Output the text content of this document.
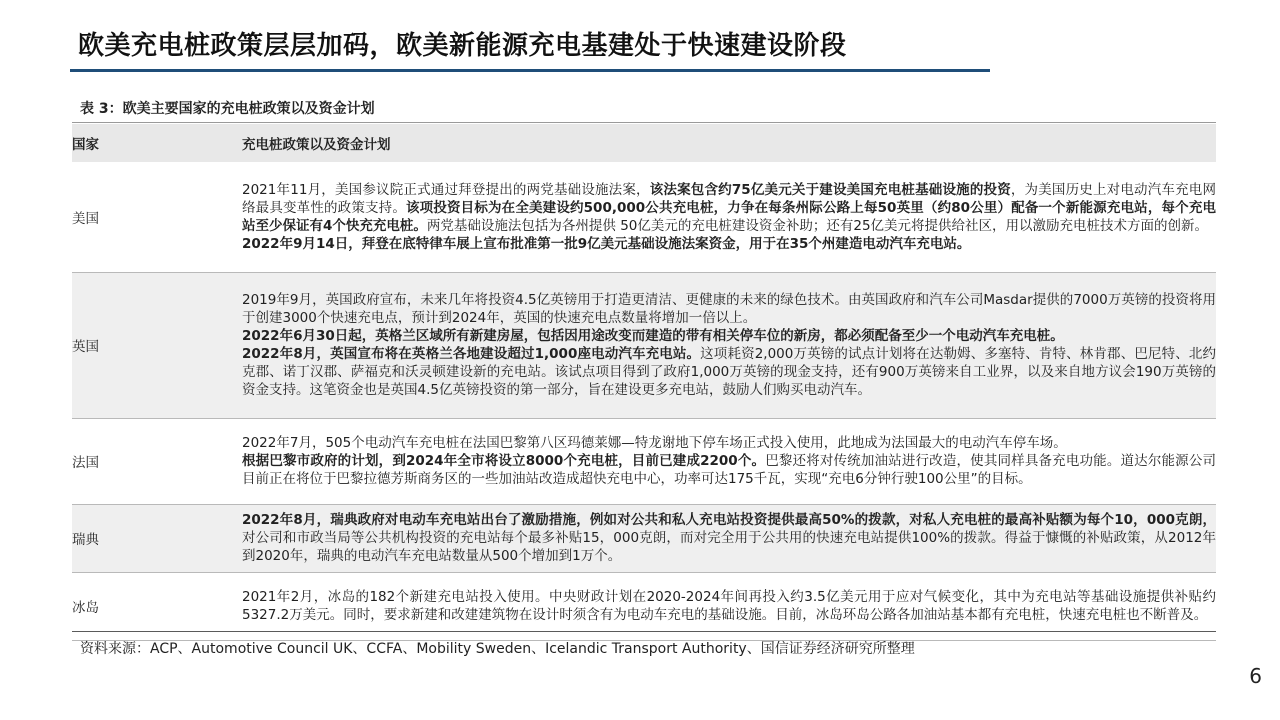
欧美充电桩政策层层加码，欧美新能源充电基建处于快速建设阶段
表 3：欧美主要国家的充电桩政策以及资金计划
国家	充电桩政策以及资金计划
美国	2021年11月，美国参议院正式通过拜登提出的两党基础设施法案，该法案包含约75亿美元关于建设美国充电桩基础设施的投资，为美国历史上对电动汽车充电网络最具变革性的政策支持。该项投资目标为在全美建设约500,000公共充电桩，力争在每条州际公路上每50英里（约80公里）配备一个新能源充电站，每个充电站至少保证有4个快充充电桩。两党基础设施法包括为各州提供 50亿美元的充电桩建设资金补助；还有25亿美元将提供给社区，用以激励充电桩技术方面的创新。
2022年9月14日，拜登在底特律车展上宣布批准第一批9亿美元基础设施法案资金，用于在35个州建造电动汽车充电站。
英国	2019年9月，英国政府宣布，未来几年将投资4.5亿英镑用于打造更清洁、更健康的未来的绿色技术。由英国政府和汽车公司Masdar提供的7000万英镑的投资将用于创建3000个快速充电点，预计到2024年，英国的快速充电点数量将增加一倍以上。
2022年6月30日起，英格兰区域所有新建房屋，包括因用途改变而建造的带有相关停车位的新房，都必须配备至少一个电动汽车充电桩。
2022年8月，英国宣布将在英格兰各地建设超过1,000座电动汽车充电站。这项耗资2,000万英镑的试点计划将在达勒姆、多塞特、肯特、林肯郡、巴尼特、北约克郡、诺丁汉郡、萨福克和沃灵顿建设新的充电站。该试点项目得到了政府1,000万英镑的现金支持，还有900万英镑来自工业界，以及来自地方议会190万英镑的资金支持。这笔资金也是英国4.5亿英镑投资的第一部分，旨在建设更多充电站，鼓励人们购买电动汽车。
法国	2022年7月，505个电动汽车充电桩在法国巴黎第八区玛德莱娜—特龙谢地下停车场正式投入使用，此地成为法国最大的电动汽车停车场。
根据巴黎市政府的计划，到2024年全市将设立8000个充电桩，目前已建成2200个。巴黎还将对传统加油站进行改造，使其同样具备充电功能。道达尔能源公司目前正在将位于巴黎拉德芳斯商务区的一些加油站改造成超快充电中心，功率可达175千瓦，实现“充电6分钟行驶100公里”的目标。
瑞典	2022年8月，瑞典政府对电动车充电站出台了激励措施，例如对公共和私人充电站投资提供最高50%的拨款，对私人充电桩的最高补贴额为每个10，000克朗，对公司和市政当局等公共机构投资的充电站每个最多补贴15，000克朗，而对完全用于公共用的快速充电站提供100%的拨款。得益于慷慨的补贴政策，从2012年到2020年，瑞典的电动汽车充电站数量从500个增加到1万个。
冰岛	2021年2月，冰岛的182个新建充电站投入使用。中央财政计划在2020-2024年间再投入约3.5亿美元用于应对气候变化，其中为充电站等基础设施提供补贴约5327.2万美元。同时，要求新建和改建建筑物在设计时须含有为电动车充电的基础设施。目前，冰岛环岛公路各加油站基本都有充电桩，快速充电桩也不断普及。
资料来源：ACP、Automotive Council UK、CCFA、Mobility Sweden、Icelandic Transport Authority、国信证券经济研究所整理
6
